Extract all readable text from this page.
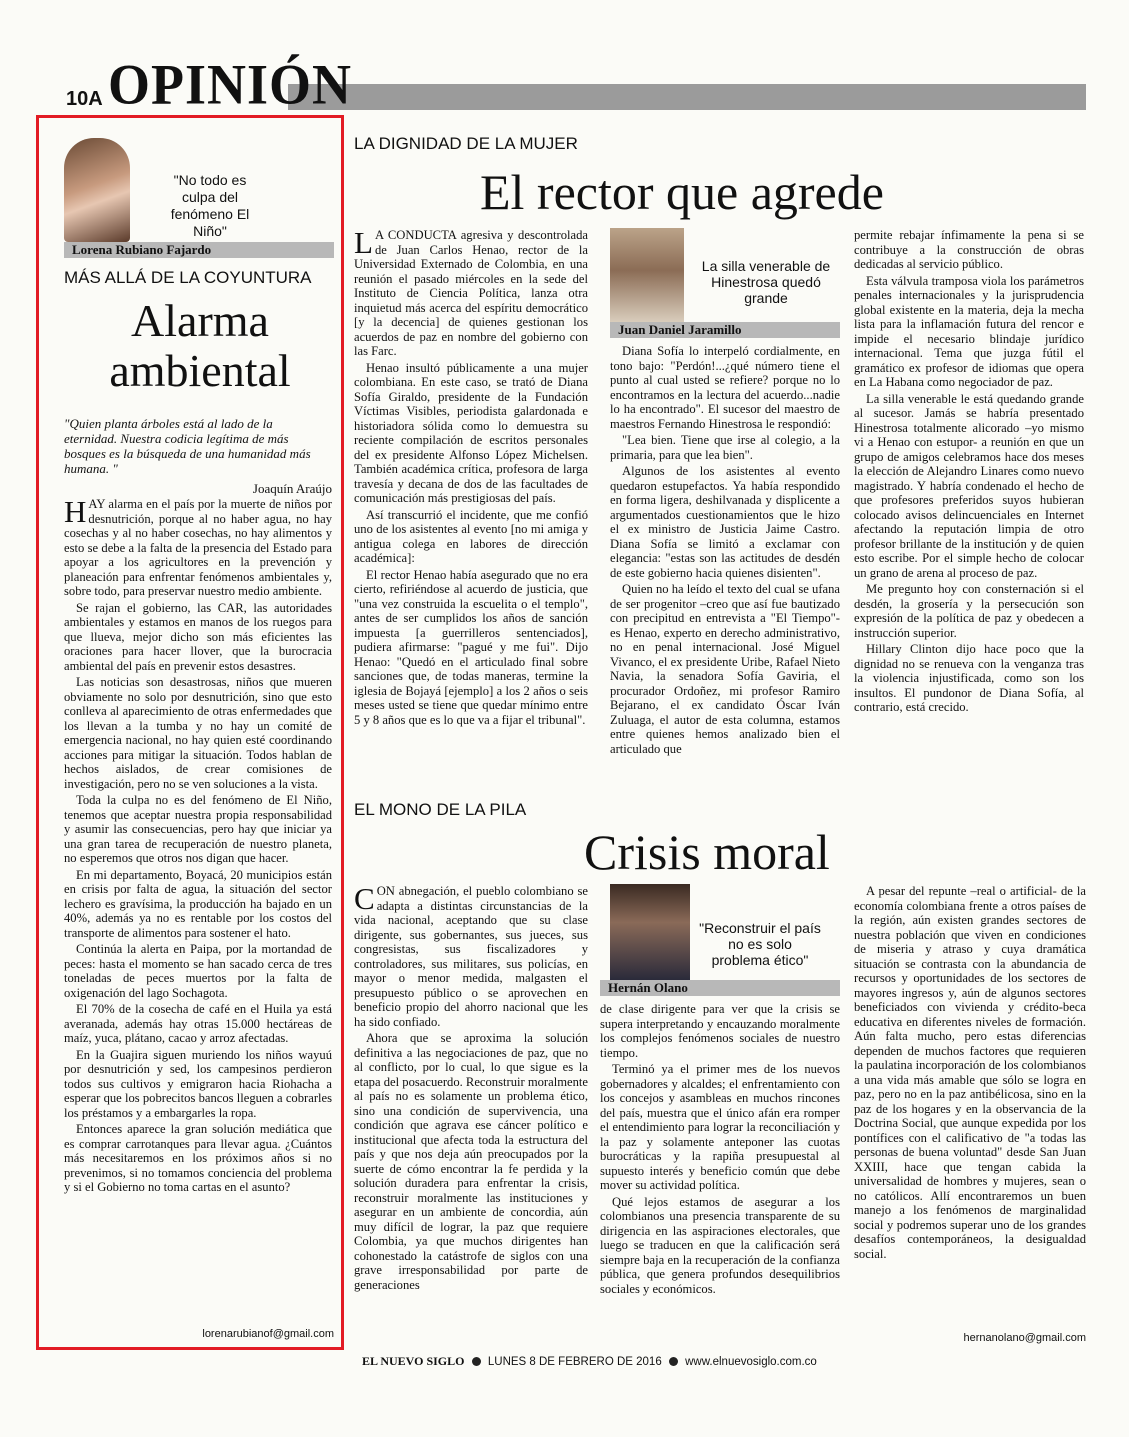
10A OPINIÓN
"No todo es culpa del fenómeno El Niño"
Lorena Rubiano Fajardo
MÁS ALLÁ DE LA COYUNTURA
Alarma ambiental
"Quien planta árboles está al lado de la eternidad. Nuestra codicia legítima de más bosques es la búsqueda de una humanidad más humana. "
Joaquín Araújo

HAY alarma en el país por la muerte de niños por desnutrición, porque al no haber agua, no hay cosechas y al no haber cosechas, no hay alimentos y esto se debe a la falta de la presencia del Estado para apoyar a los agricultores en la prevención y planeación para enfrentar fenómenos ambientales y, sobre todo, para preservar nuestro medio ambiente.

Se rajan el gobierno, las CAR, las autoridades ambientales y estamos en manos de los ruegos para que llueva, mejor dicho son más eficientes las oraciones para hacer llover, que la burocracia ambiental del país en prevenir estos desastres.

Las noticias son desastrosas, niños que mueren obviamente no solo por desnutrición, sino que esto conlleva al aparecimiento de otras enfermedades que los llevan a la tumba y no hay un comité de emergencia nacional, no hay quien esté coordinando acciones para mitigar la situación. Todos hablan de hechos aislados, de crear comisiones de investigación, pero no se ven soluciones a la vista.

Toda la culpa no es del fenómeno de El Niño, tenemos que aceptar nuestra propia responsabilidad y asumir las consecuencias, pero hay que iniciar ya una gran tarea de recuperación de nuestro planeta, no esperemos que otros nos digan que hacer.

En mi departamento, Boyacá, 20 municipios están en crisis por falta de agua, la situación del sector lechero es gravísima, la producción ha bajado en un 40%, además ya no es rentable por los costos del transporte de alimentos para sostener el hato.

Continúa la alerta en Paipa, por la mortandad de peces: hasta el momento se han sacado cerca de tres toneladas de peces muertos por la falta de oxigenación del lago Sochagota.

El 70% de la cosecha de café en el Huila ya está averanada, además hay otras 15.000 hectáreas de maíz, yuca, plátano, cacao y arroz afectadas.

En la Guajira siguen muriendo los niños wayuú por desnutrición y sed, los campesinos perdieron todos sus cultivos y emigraron hacia Riohacha a esperar que los pobrecitos bancos lleguen a cobrarles los préstamos y a embargarles la ropa.

Entonces aparece la gran solución mediática que es comprar carrotanques para llevar agua. ¿Cuántos más necesitaremos en los próximos años si no prevenimos, si no tomamos conciencia del problema y si el Gobierno no toma cartas en el asunto?

lorenarubianof@gmail.com
LA DIGNIDAD DE LA MUJER
El rector que agrede

L A CONDUCTA agresiva y descontrolada de Juan Carlos Henao, rector de la Universidad Externado de Colombia, en una reunión el pasado miércoles en la sede del Instituto de Ciencia Política, lanza otra inquietud más acerca del espíritu democrático [y la decencia] de quienes gestionan los acuerdos de paz en nombre del gobierno con las Farc.

Henao insultó públicamente a una mujer colombiana. En este caso, se trató de Diana Sofía Giraldo, presidente de la Fundación Víctimas Visibles, periodista galardonada e historiadora sólida como lo demuestra su reciente compilación de escritos personales del ex presidente Alfonso López Michelsen. También académica crítica, profesora de larga travesía y decana de dos de las facultades de comunicación más prestigiosas del país.

Así transcurrió el incidente, que me confió uno de los asistentes al evento [no mi amiga y antigua colega en labores de dirección académica]:

El rector Henao había asegurado que no era cierto, refiriéndose al acuerdo de justicia, que "una vez construida la escuelita o el templo", antes de ser cumplidos los años de sanción impuesta [a guerrilleros sentenciados], pudiera afirmarse: "pagué y me fui". Dijo Henao: "Quedó en el articulado final sobre sanciones que, de todas maneras, termine la iglesia de Bojayá [ejemplo] a los 2 años o seis meses usted se tiene que quedar mínimo entre 5 y 8 años que es lo que va a fijar el tribunal".

La silla venerable de Hinestrosa quedó grande
Juan Daniel Jaramillo

Diana Sofía lo interpeló cordialmente, en tono bajo: "Perdón!...¿qué número tiene el punto al cual usted se refiere? porque no lo encontramos en la lectura del acuerdo...nadie lo ha encontrado". El sucesor del maestro de maestros Fernando Hinestrosa le respondió:

"Lea bien. Tiene que irse al colegio, a la primaria, para que lea bien".

Algunos de los asistentes al evento quedaron estupefactos. Ya había respondido en forma ligera, deshilvanada y displicente a argumentados cuestionamientos que le hizo el ex ministro de Justicia Jaime Castro. Diana Sofía se limitó a exclamar con elegancia: "estas son las actitudes de desdén de este gobierno hacia quienes disienten".

Quien no ha leído el texto del cual se ufana de ser progenitor –creo que así fue bautizado con precipitud en entrevista a "El Tiempo"- es Henao, experto en derecho administrativo, no en penal internacional. José Miguel Vivanco, el ex presidente Uribe, Rafael Nieto Navia, la senadora Sofía Gaviria, el procurador Ordoñez, mi profesor Ramiro Bejarano, el ex candidato Óscar Iván Zuluaga, el autor de esta columna, estamos entre quienes hemos analizado bien el articulado que

permite rebajar ínfimamente la pena si se contribuye a la construcción de obras dedicadas al servicio público.

Esta válvula tramposa viola los parámetros penales internacionales y la jurisprudencia global existente en la materia, deja la mecha lista para la inflamación futura del rencor e impide el necesario blindaje jurídico internacional. Tema que juzga fútil el gramático ex profesor de idiomas que opera en La Habana como negociador de paz.

La silla venerable le está quedando grande al sucesor. Jamás se habría presentado Hinestrosa totalmente alicorado –yo mismo vi a Henao con estupor- a reunión en que un grupo de amigos celebramos hace dos meses la elección de Alejandro Linares como nuevo magistrado. Y habría condenado el hecho de que profesores preferidos suyos hubieran colocado avisos delincuenciales en Internet afectando la reputación limpia de otro profesor brillante de la institución y de quien esto escribe. Por el simple hecho de colocar un grano de arena al proceso de paz.

Me pregunto hoy con consternación si el desdén, la grosería y la persecución son expresión de la política de paz y obedecen a instrucción superior.

Hillary Clinton dijo hace poco que la dignidad no se renueva con la venganza tras la violencia injustificada, como son los insultos. El pundonor de Diana Sofía, al contrario, está crecido.

EL MONO DE LA PILA
Crisis moral

CON abnegación, el pueblo colombiano se adapta a distintas circunstancias de la vida nacional, aceptando que su clase dirigente, sus gobernantes, sus jueces, sus congresistas, sus fiscalizadores y controladores, sus militares, sus policías, en mayor o menor medida, malgasten el presupuesto público o se aprovechen en beneficio propio del ahorro nacional que les ha sido confiado.

Ahora que se aproxima la solución definitiva a las negociaciones de paz, que no al conflicto, por lo cual, lo que sigue es la etapa del posacuerdo. Reconstruir moralmente al país no es solamente un problema ético, sino una condición de supervivencia, una condición que agrava ese cáncer político e institucional que afecta toda la estructura del país y que nos deja aún preocupados por la suerte de cómo encontrar la fe perdida y la solución duradera para enfrentar la crisis, reconstruir moralmente las instituciones y asegurar en un ambiente de concordia, aún muy difícil de lograr, la paz que requiere Colombia, ya que muchos dirigentes han cohonestado la catástrofe de siglos con una grave irresponsabilidad por parte de generaciones

"Reconstruir el país no es solo problema ético"
Hernán Olano

de clase dirigente para ver que la crisis se supera interpretando y encauzando moralmente los complejos fenómenos sociales de nuestro tiempo.

Terminó ya el primer mes de los nuevos gobernadores y alcaldes; el enfrentamiento con los concejos y asambleas en muchos rincones del país, muestra que el único afán era romper el entendimiento para lograr la reconciliación y la paz y solamente anteponer las cuotas burocráticas y la rapiña presupuestal al supuesto interés y beneficio común que debe mover su actividad política.

Qué lejos estamos de asegurar a los colombianos una presencia transparente de su dirigencia en las aspiraciones electorales, que luego se traducen en que la calificación será siempre baja en la recuperación de la confianza pública, que genera profundos desequilibrios sociales y económicos.

A pesar del repunte –real o artificial- de la economía colombiana frente a otros países de la región, aún existen grandes sectores de nuestra población que viven en condiciones de miseria y atraso y cuya dramática situación se contrasta con la abundancia de recursos y oportunidades de los sectores de mayores ingresos y, aún de algunos sectores beneficiados con vivienda y crédito-beca educativa en diferentes niveles de formación. Aún falta mucho, pero estas diferencias dependen de muchos factores que requieren la paulatina incorporación de los colombianos a una vida más amable que sólo se logra en paz, pero no en la paz antibélicosa, sino en la paz de los hogares y en la observancia de la Doctrina Social, que aunque expedida por los pontífices con el calificativo de "a todas las personas de buena voluntad" desde San Juan XXIII, hace que tengan cabida la universalidad de hombres y mujeres, sean o no católicos. Allí encontraremos un buen manejo a los fenómenos de marginalidad social y podremos superar uno de los grandes desafíos contemporáneos, la desigualdad social.

hernanolano@gmail.com
EL NUEVO SIGLO LUNES 8 DE FEBRERO DE 2016 www.elnuevosiglo.com.co
